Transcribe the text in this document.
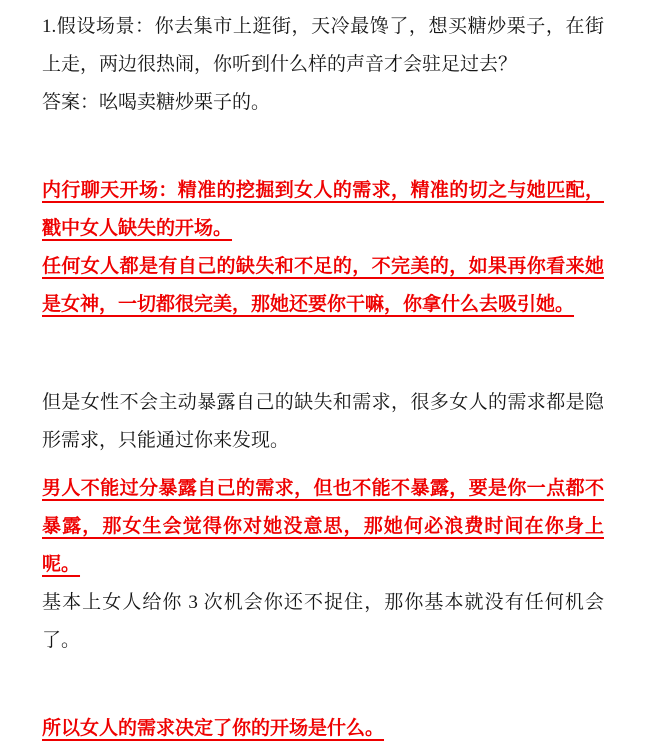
1.假设场景：你去集市上逛街，天冷最馋了，想买糖炒栗子，在街上走，两边很热闹，你听到什么样的声音才会驻足过去？

答案：吆喝卖糖炒栗子的。

内行聊天开场：精准的挖掘到女人的需求，精准的切之与她匹配，戳中女人缺失的开场。

任何女人都是有自己的缺失和不足的，不完美的，如果再你看来她是女神，一切都很完美，那她还要你干嘛，你拿什么去吸引她。

但是女性不会主动暴露自己的缺失和需求，很多女人的需求都是隐形需求，只能通过你来发现。

男人不能过分暴露自己的需求，但也不能不暴露，要是你一点都不暴露，那女生会觉得你对她没意思，那她何必浪费时间在你身上呢。

基本上女人给你 3 次机会你还不捉住，那你基本就没有任何机会了。

所以女人的需求决定了你的开场是什么。
